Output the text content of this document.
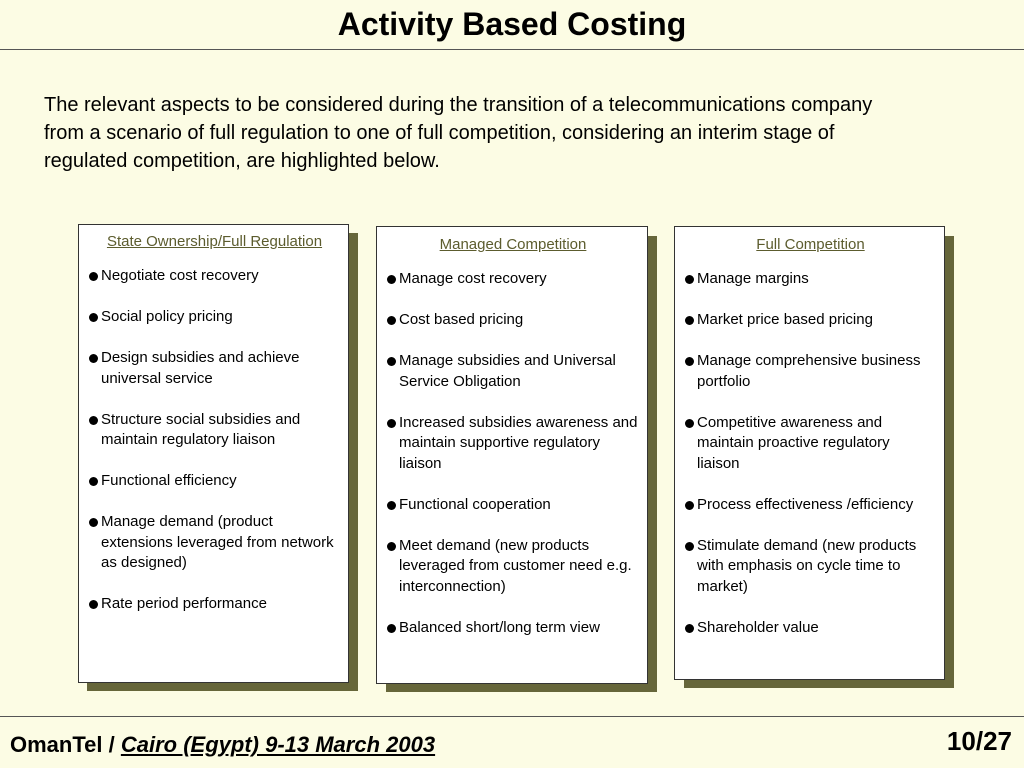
Activity Based Costing
The relevant aspects to be considered during the transition of a telecommunications company from a scenario of full regulation to one of full competition, considering an interim stage of regulated competition, are highlighted below.
State Ownership/Full Regulation
Negotiate cost recovery
Social policy pricing
Design subsidies and achieve universal service
Structure social subsidies and maintain regulatory liaison
Functional efficiency
Manage demand (product extensions leveraged from network as designed)
Rate period performance
Managed Competition
Manage cost recovery
Cost based pricing
Manage subsidies and Universal Service Obligation
Increased subsidies awareness and maintain supportive regulatory liaison
Functional cooperation
Meet demand (new products leveraged from customer need e.g. interconnection)
Balanced short/long term view
Full Competition
Manage margins
Market price based pricing
Manage comprehensive business portfolio
Competitive awareness and maintain proactive regulatory liaison
Process effectiveness /efficiency
Stimulate demand (new products with emphasis on cycle time to market)
Shareholder value
OmanTel / Cairo (Egypt) 9-13 March 2003	10/27
